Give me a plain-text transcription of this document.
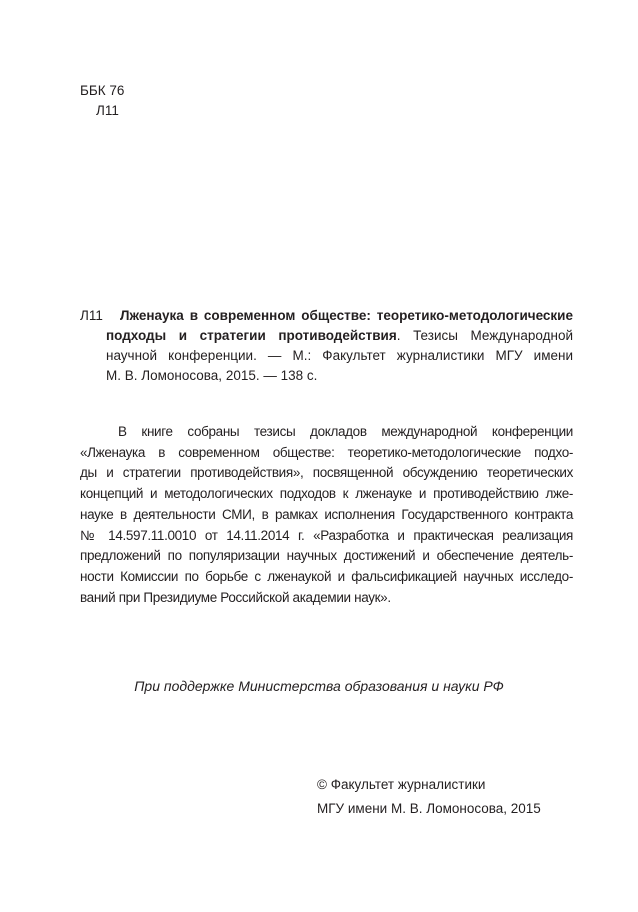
ББК 76
Л11
Л11 Лженаука в современном обществе: теоретико-методологические
подходы и стратегии противодействия. Тезисы Международной
научной конференции. — М.: Факультет журналистики МГУ имени
М. В. Ломоносова, 2015. — 138 с.
В книге собраны тезисы докладов международной конференции
«Лженаука в современном обществе: теоретико-методологические подхо-
ды и стратегии противодействия», посвященной обсуждению теоретических
концепций и методологических подходов к лженауке и противодействию лже-
науке в деятельности СМИ, в рамках исполнения Государственного контракта
№ 14.597.11.0010 от 14.11.2014 г. «Разработка и практическая реализация
предложений по популяризации научных достижений и обеспечение деятель-
ности Комиссии по борьбе с лженаукой и фальсификацией научных исследо-
ваний при Президиуме Российской академии наук».
При поддержке Министерства образования и науки РФ
© Факультет журналистики
МГУ имени М. В. Ломоносова, 2015
